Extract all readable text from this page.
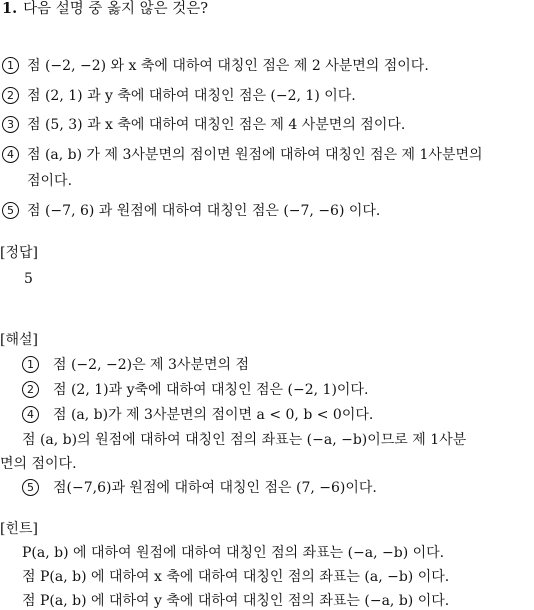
1. 다음 설명 중 옳지 않은 것은?
1 점 (−2, −2) 와 x 축에 대하여 대칭인 점은 제 2 사분면의 점이다.
2 점 (2, 1) 과 y 축에 대하여 대칭인 점은 (−2, 1) 이다.
3 점 (5, 3) 과 x 축에 대하여 대칭인 점은 제 4 사분면의 점이다.
4 점 (a, b) 가 제 3사분면의 점이면 원점에 대하여 대칭인 점은 제 1사분면의
점이다.
5 점 (−7, 6) 과 원점에 대하여 대칭인 점은 (−7, −6) 이다.
[정답]
5
[해설]
1 점 (−2, −2)은 제 3사분면의 점
2 점 (2, 1)과 y축에 대하여 대칭인 점은 (−2, 1)이다.
4 점 (a, b)가 제 3사분면의 점이면 a < 0, b < 0이다.
점 (a, b)의 원점에 대하여 대칭인 점의 좌표는 (−a, −b)이므로 제 1사분
면의 점이다.
5 점(−7,6)과 원점에 대하여 대칭인 점은 (7, −6)이다.
[힌트]
P(a, b) 에 대하여 원점에 대하여 대칭인 점의 좌표는 (−a, −b) 이다.
점 P(a, b) 에 대하여 x 축에 대하여 대칭인 점의 좌표는 (a, −b) 이다.
점 P(a, b) 에 대하여 y 축에 대하여 대칭인 점의 좌표는 (−a, b) 이다.
